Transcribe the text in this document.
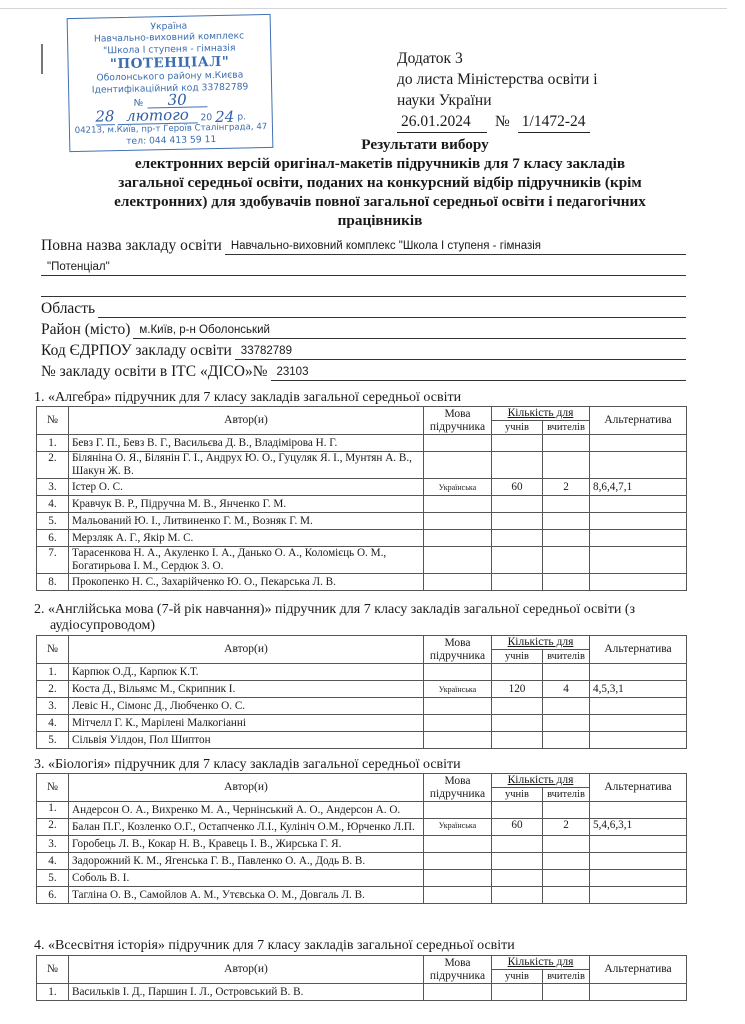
Україна
Навчально-виховний комплекс
"Школа І ступеня - гімназія
"ПОТЕНЦІАЛ"
Оболонського району м.Києва
Ідентифікаційний код 33782789
№	30
28 лютого	20 24 р.
04213, м.Київ, пр-т Героїв Сталінграда, 47
тел: 044 413 59 11
Додаток 3
до листа Міністерства освіти і
науки України
26.01.2024	№ 1/1472-24
Результати вибору
електронних версій оригінал-макетів підручників для 7 класу закладів
загальної середньої освіти, поданих на конкурсний відбір підручників (крім
електронних) для здобувачів повної загальної середньої освіти і педагогічних
працівників
Повна назва закладу освіти Навчально-виховний комплекс "Школа І ступеня - гімназія
"Потенціал"
Область
Район (місто) м.Київ, р-н Оболонський
Код ЄДРПОУ закладу освіти 33782789
№ закладу освіти в ІТС «ДІСО»№ 23103
1. «Алгебра» підручник для 7 класу закладів загальної середньої освіти
№	Автор(и)	Мова
підручника	Кількість для		Альтернатива
			учнів	вчителів	
1.	Бевз Г. П., Бевз В. Г., Васильєва Д. В., Владімірова Н. Г.				
2.	Біляніна О. Я., Білянін Г. І., Андрух Ю. О., Гуцуляк Я. І., Мунтян А. В., Шакун Ж. В.				
3.	Істер О. С.	Українська	60	2	8,6,4,7,1
4.	Кравчук В. Р., Підручна М. В., Янченко Г. М.				
5.	Мальований Ю. І., Литвиненко Г. М., Возняк Г. М.				
6.	Мерзляк А. Г., Якір М. С.				
7.	Тарасенкова Н. А., Акуленко І. А., Данько О. А., Коломієць О. М., Богатирьова І. М., Сердюк З. О.				
8.	Прокопенко Н. С., Захарійченко Ю. О., Пекарська Л. В.				
2. «Англійська мова (7-й рік навчання)» підручник для 7 класу закладів загальної середньої освіти (з
аудіосупроводом)
№	Автор(и)	Мова
підручника	Кількість для		Альтернатива
			учнів	вчителів	
1.	Карпюк О.Д., Карпюк К.Т.				
2.	Коста Д., Вільямс М., Скрипник І.	Українська	120	4	4,5,3,1
3.	Левіс Н., Сімонс Д., Любченко О. С.				
4.	Мітчелл Г. К., Марілені Малкогіанні				
5.	Сільвія Уілдон, Пол Шиптон				
3. «Біологія» підручник для 7 класу закладів загальної середньої освіти
№	Автор(и)	Мова
підручника	Кількість для		Альтернатива
			учнів	вчителів	
1.	Андерсон О. А., Вихренко М. А., Чернінський А. О., Андерсон А. О.				
2.	Балан П.Г., Козленко О.Г., Остапченко Л.І., Кулініч О.М., Юрченко Л.П.	Українська	60	2	5,4,6,3,1
3.	Горобець Л. В., Кокар Н. В., Кравець І. В., Жирська Г. Я.				
4.	Задорожний К. М., Ягенська Г. В., Павленко О. А., Додь В. В.				
5.	Соболь В. І.				
6.	Тагліна О. В., Самойлов А. М., Утєвська О. М., Довгаль Л. В.				
4. «Всесвітня історія» підручник для 7 класу закладів загальної середньої освіти
№	Автор(и)	Мова
підручника	Кількість для		Альтернатива
			учнів	вчителів	
1.	Васильків І. Д., Паршин І. Л., Островський В. В.				
